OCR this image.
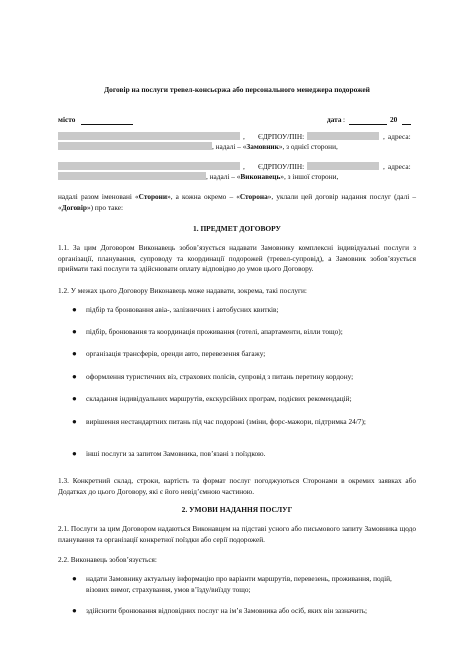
Договір на послуги тревел-консьєржа або персонального менеджера подорожей
місто	дата :	20
, ЄДРПОУ/ПІН:	, адреса:
, надалі – «Замовник», з однієї сторони,
, ЄДРПОУ/ПІН:	, адреса:
, надалі – «Виконавець», з іншої сторони,
надалі разом іменовані «Сторони», а кожна окремо – «Сторона», уклали цей договір надання послуг (далі – «Договір») про таке:
1. ПРЕДМЕТ ДОГОВОРУ
1.1. За цим Договором Виконавець зобов’язується надавати Замовнику комплексні індивідуальні послуги з організації, планування, супроводу та координації подорожей (тревел-супровід), а Замовник зобов’язується приймати такі послуги та здійснювати оплату відповідно до умов цього Договору.
1.2. У межах цього Договору Виконавець може надавати, зокрема, такі послуги:
●	підбір та бронювання авіа-, залізничних і автобусних квитків;
●	підбір, бронювання та координація проживання (готелі, апартаменти, вілли тощо);
●	організація трансферів, оренди авто, перевезення багажу;
●	оформлення туристичних віз, страхових полісів, супровід з питань перетину кордону;
●	складання індивідуальних маршрутів, екскурсійних програм, подієвих рекомендацій;
●	вирішення нестандартних питань під час подорожі (зміни, форс-мажори, підтримка 24/7);
●	інші послуги за запитом Замовника, пов’язані з поїздкою.
1.3. Конкретний склад, строки, вартість та формат послуг погоджуються Сторонами в окремих заявках або Додатках до цього Договору, які є його невід’ємною частиною.
2. УМОВИ НАДАННЯ ПОСЛУГ
2.1. Послуги за цим Договором надаються Виконавцем на підставі усного або письмового запиту Замовника щодо планування та організації конкретної поїздки або серії подорожей.
2.2. Виконавець зобов’язується:
●	надати Замовнику актуальну інформацію про варіанти маршрутів, перевезень, проживання, подій, візових вимог, страхування, умов в’їзду/виїзду тощо;
●	здійснити бронювання відповідних послуг на ім’я Замовника або осіб, яких він зазначить;
